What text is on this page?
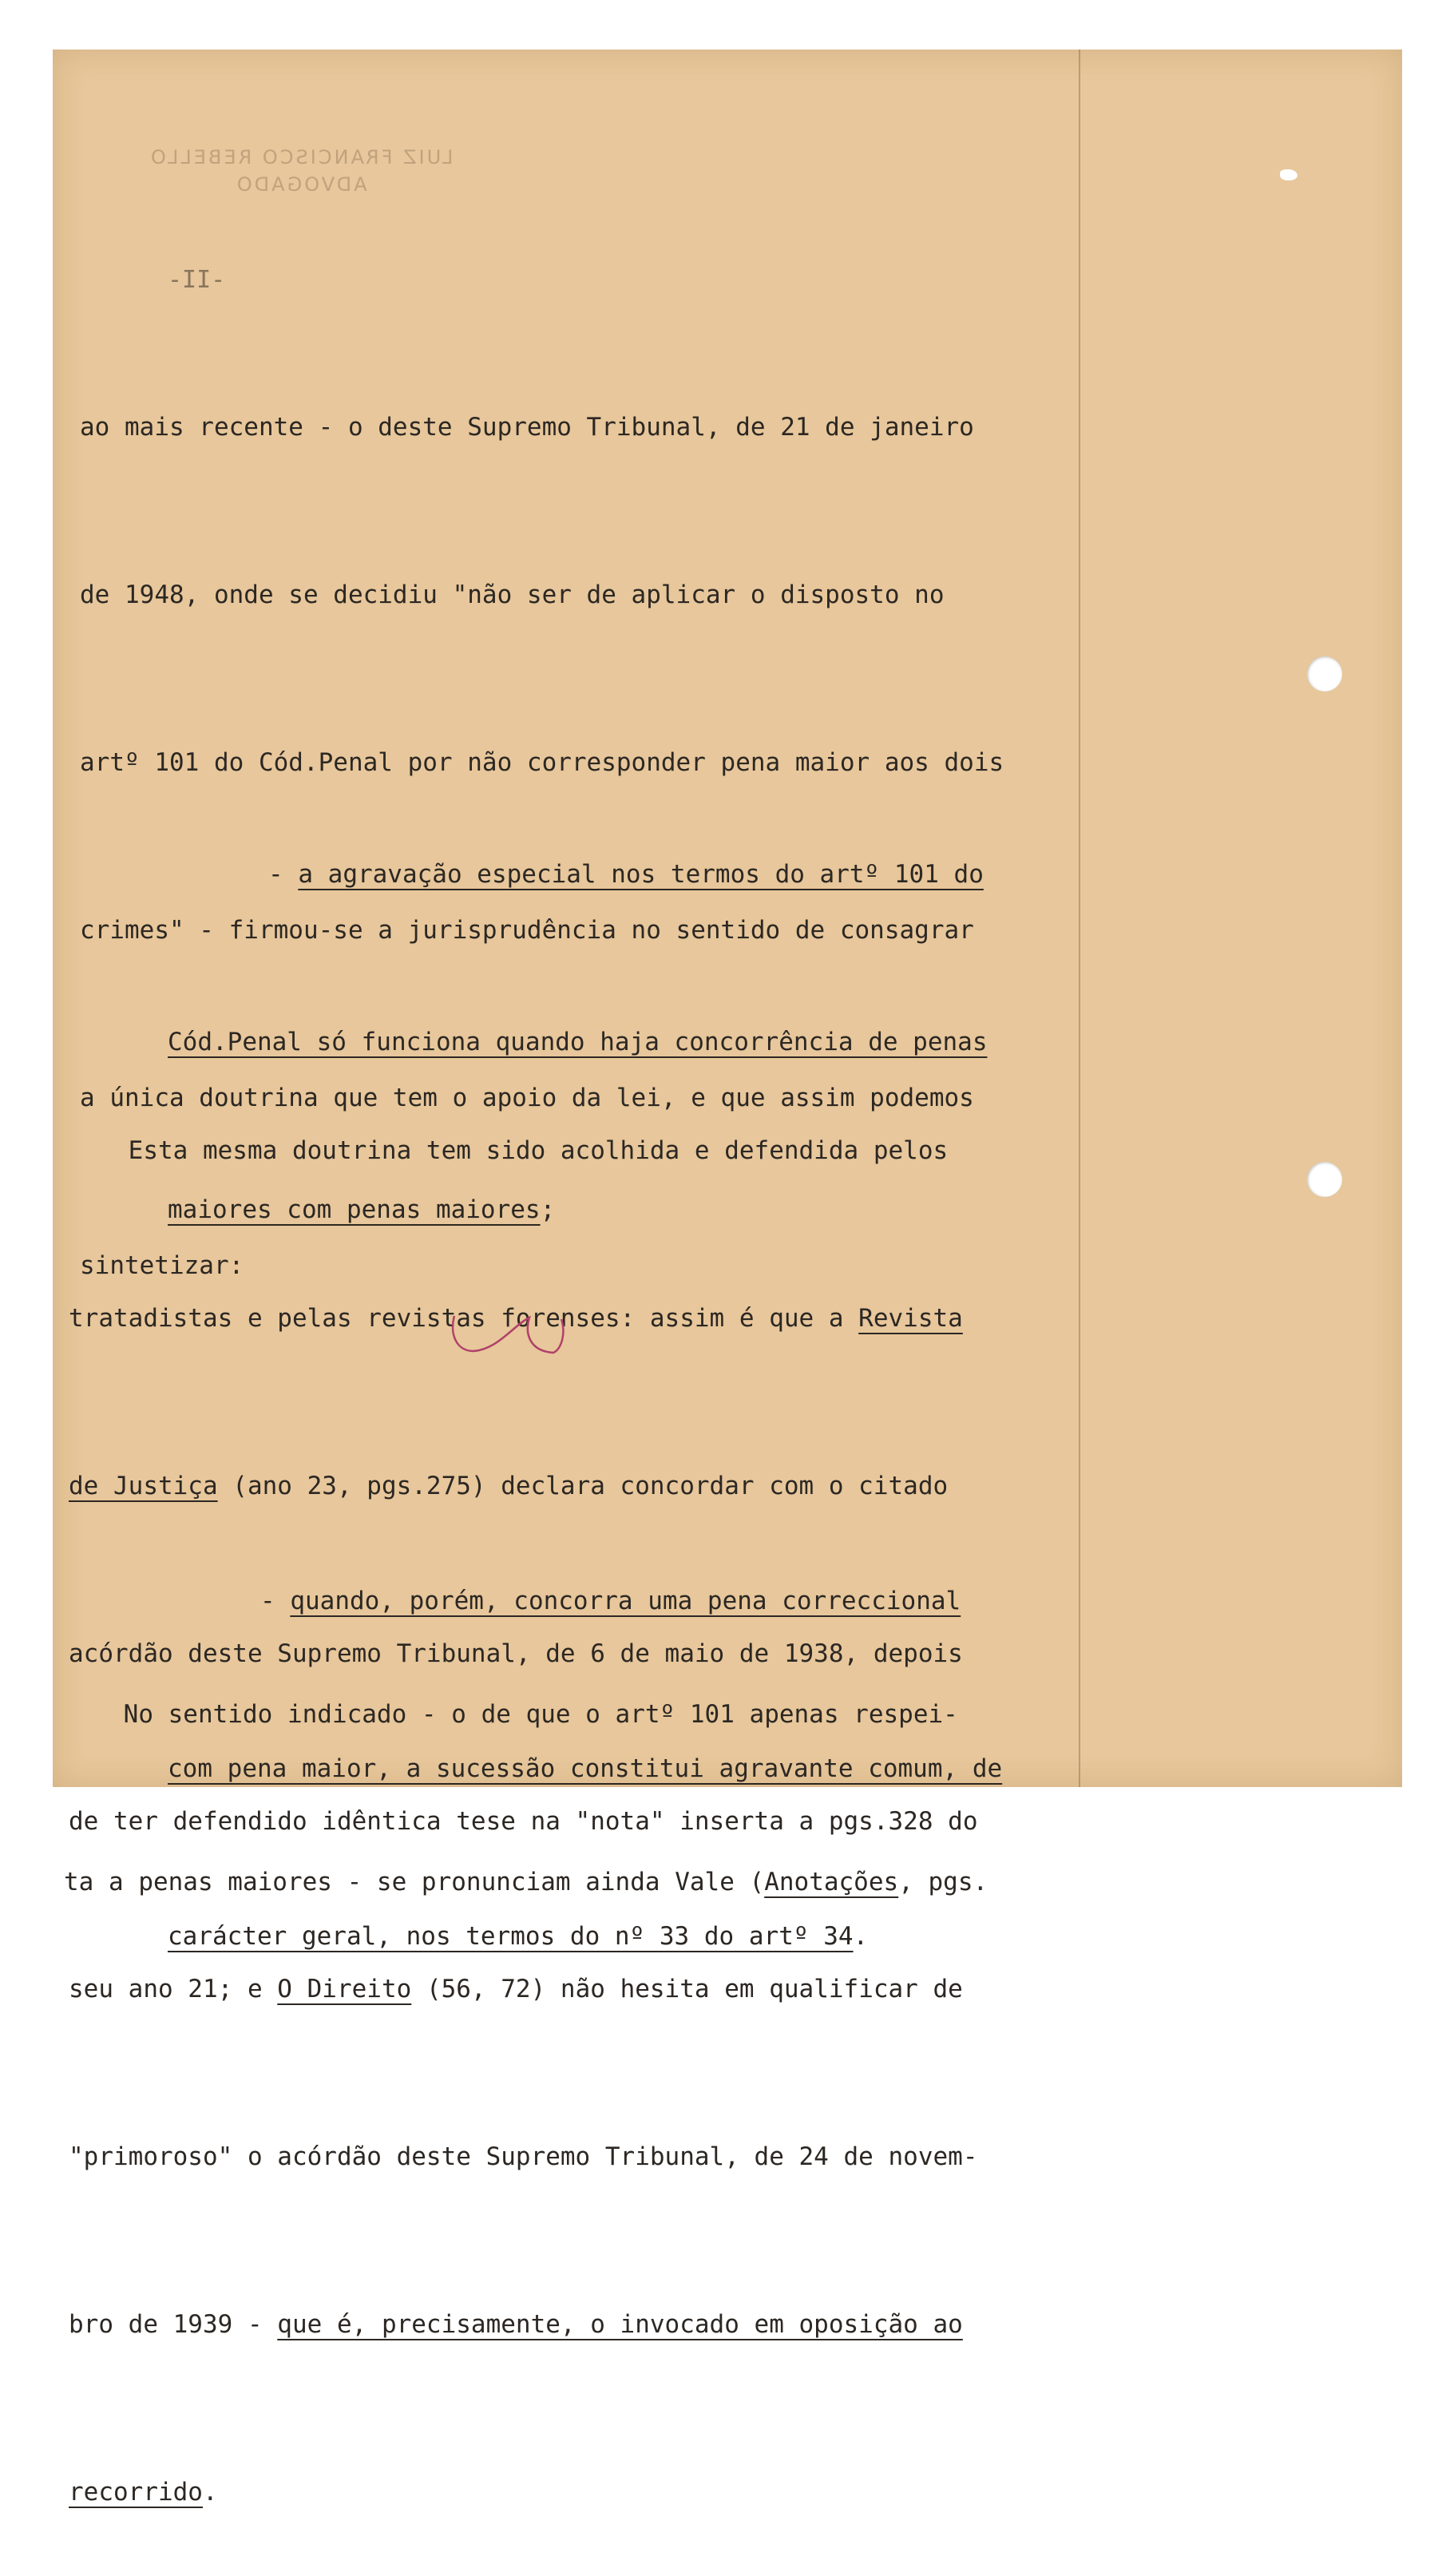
LUIZ FRANCISCO REBELLO
ADVOGADO
-II-

ao mais recente - o deste Supremo Tribunal, de 21 de janeiro

de 1948, onde se decidiu "não ser de aplicar o disposto no

artº 101 do Cód.Penal por não corresponder pena maior aos dois

crimes" - firmou-se a jurisprudência no sentido de consagrar

a única doutrina que tem o apoio da lei, e que assim podemos

sintetizar:

- a agravação especial nos termos do artº 101 do

Cód.Penal só funciona quando haja concorrência de penas

maiores com penas maiores;

- quando, porém, concorra uma pena correccional

com pena maior, a sucessão constitui agravante comum, de

carácter geral, nos termos do nº 33 do artº 34.

Esta mesma doutrina tem sido acolhida e defendida pelos

tratadistas e pelas revistas forenses: assim é que a Revista

de Justiça (ano 23, pgs.275) declara concordar com o citado

acórdão deste Supremo Tribunal, de 6 de maio de 1938, depois

de ter defendido idêntica tese na "nota" inserta a pgs.328 do

seu ano 21; e O Direito (56, 72) não hesita em qualificar de

"primoroso" o acórdão deste Supremo Tribunal, de 24 de novem-

bro de 1939 - que é, precisamente, o invocado em oposição ao

recorrido.

No sentido indicado - o de que o artº 101 apenas respei-

ta a penas maiores - se pronunciam ainda Vale (Anotações, pgs.
